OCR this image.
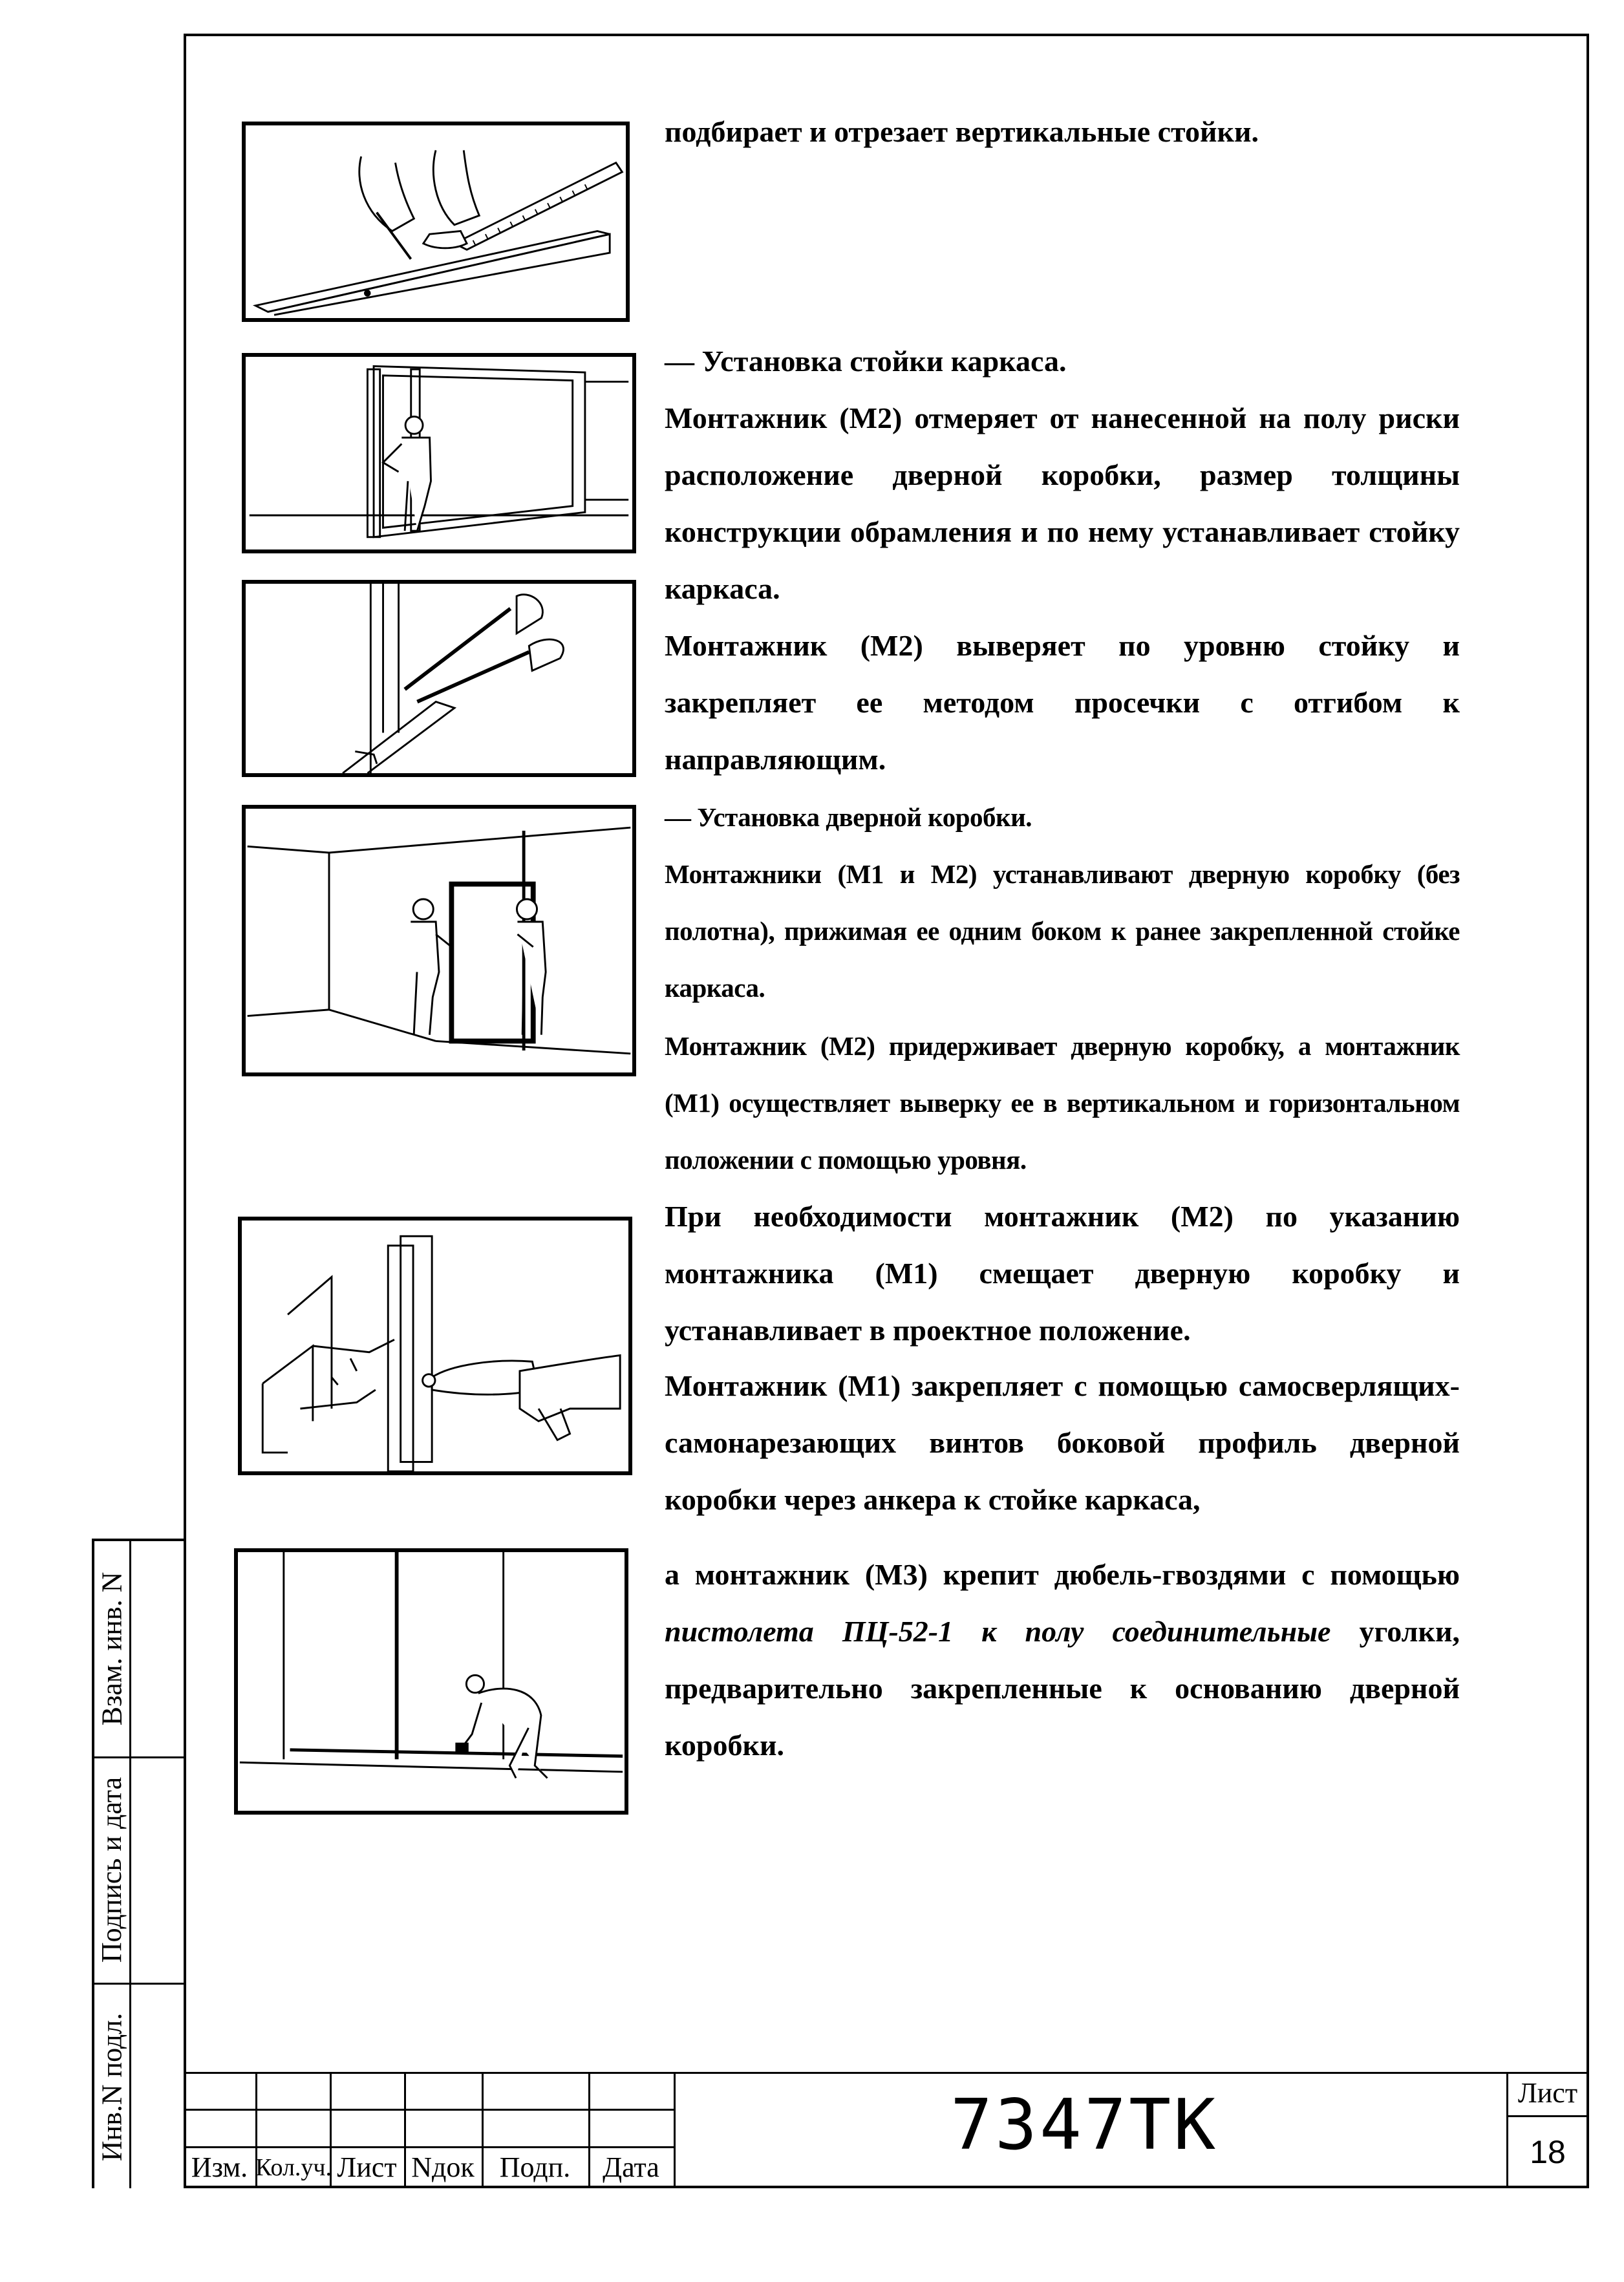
Взам. инв. N
Подпись и дата
Инв.N подл.

подбирает и отрезает вертикальные стойки.

— Установка стойки каркаса.

Монтажник (М2) отмеряет от нанесенной на полу риски расположение дверной коробки, размер толщины конструкции обрамления и по нему устанавливает стойку каркаса.

Монтажник (М2) выверяет по уровню стойку и закрепляет ее методом просечки с отгибом к направляющим.

— Установка дверной коробки.

Монтажники (М1 и М2) устанавливают дверную коробку (без полотна), прижимая ее одним боком к ранее закрепленной стойке каркаса.

Монтажник (М2) придерживает дверную коробку, а монтажник (М1) осуществляет выверку ее в вертикальном и горизонтальном положении с помощью уровня.

При необходимости монтажник (М2) по указанию монтажника (М1) смещает дверную коробку и устанавливает в проектное положение.

Монтажник (М1) закрепляет с помощью самосверлящих-самонарезающих винтов боковой профиль дверной коробки через анкера к стойке каркаса,

а монтажник (М3) крепит дюбель-гвоздями с помощью пистолета ПЦ-52-1 к полу соединительные уголки, предварительно закрепленные к основанию дверной коробки.

Изм. Кол.уч. Лист Nдок Подп.	Дата
7347ТК	Лист
18
